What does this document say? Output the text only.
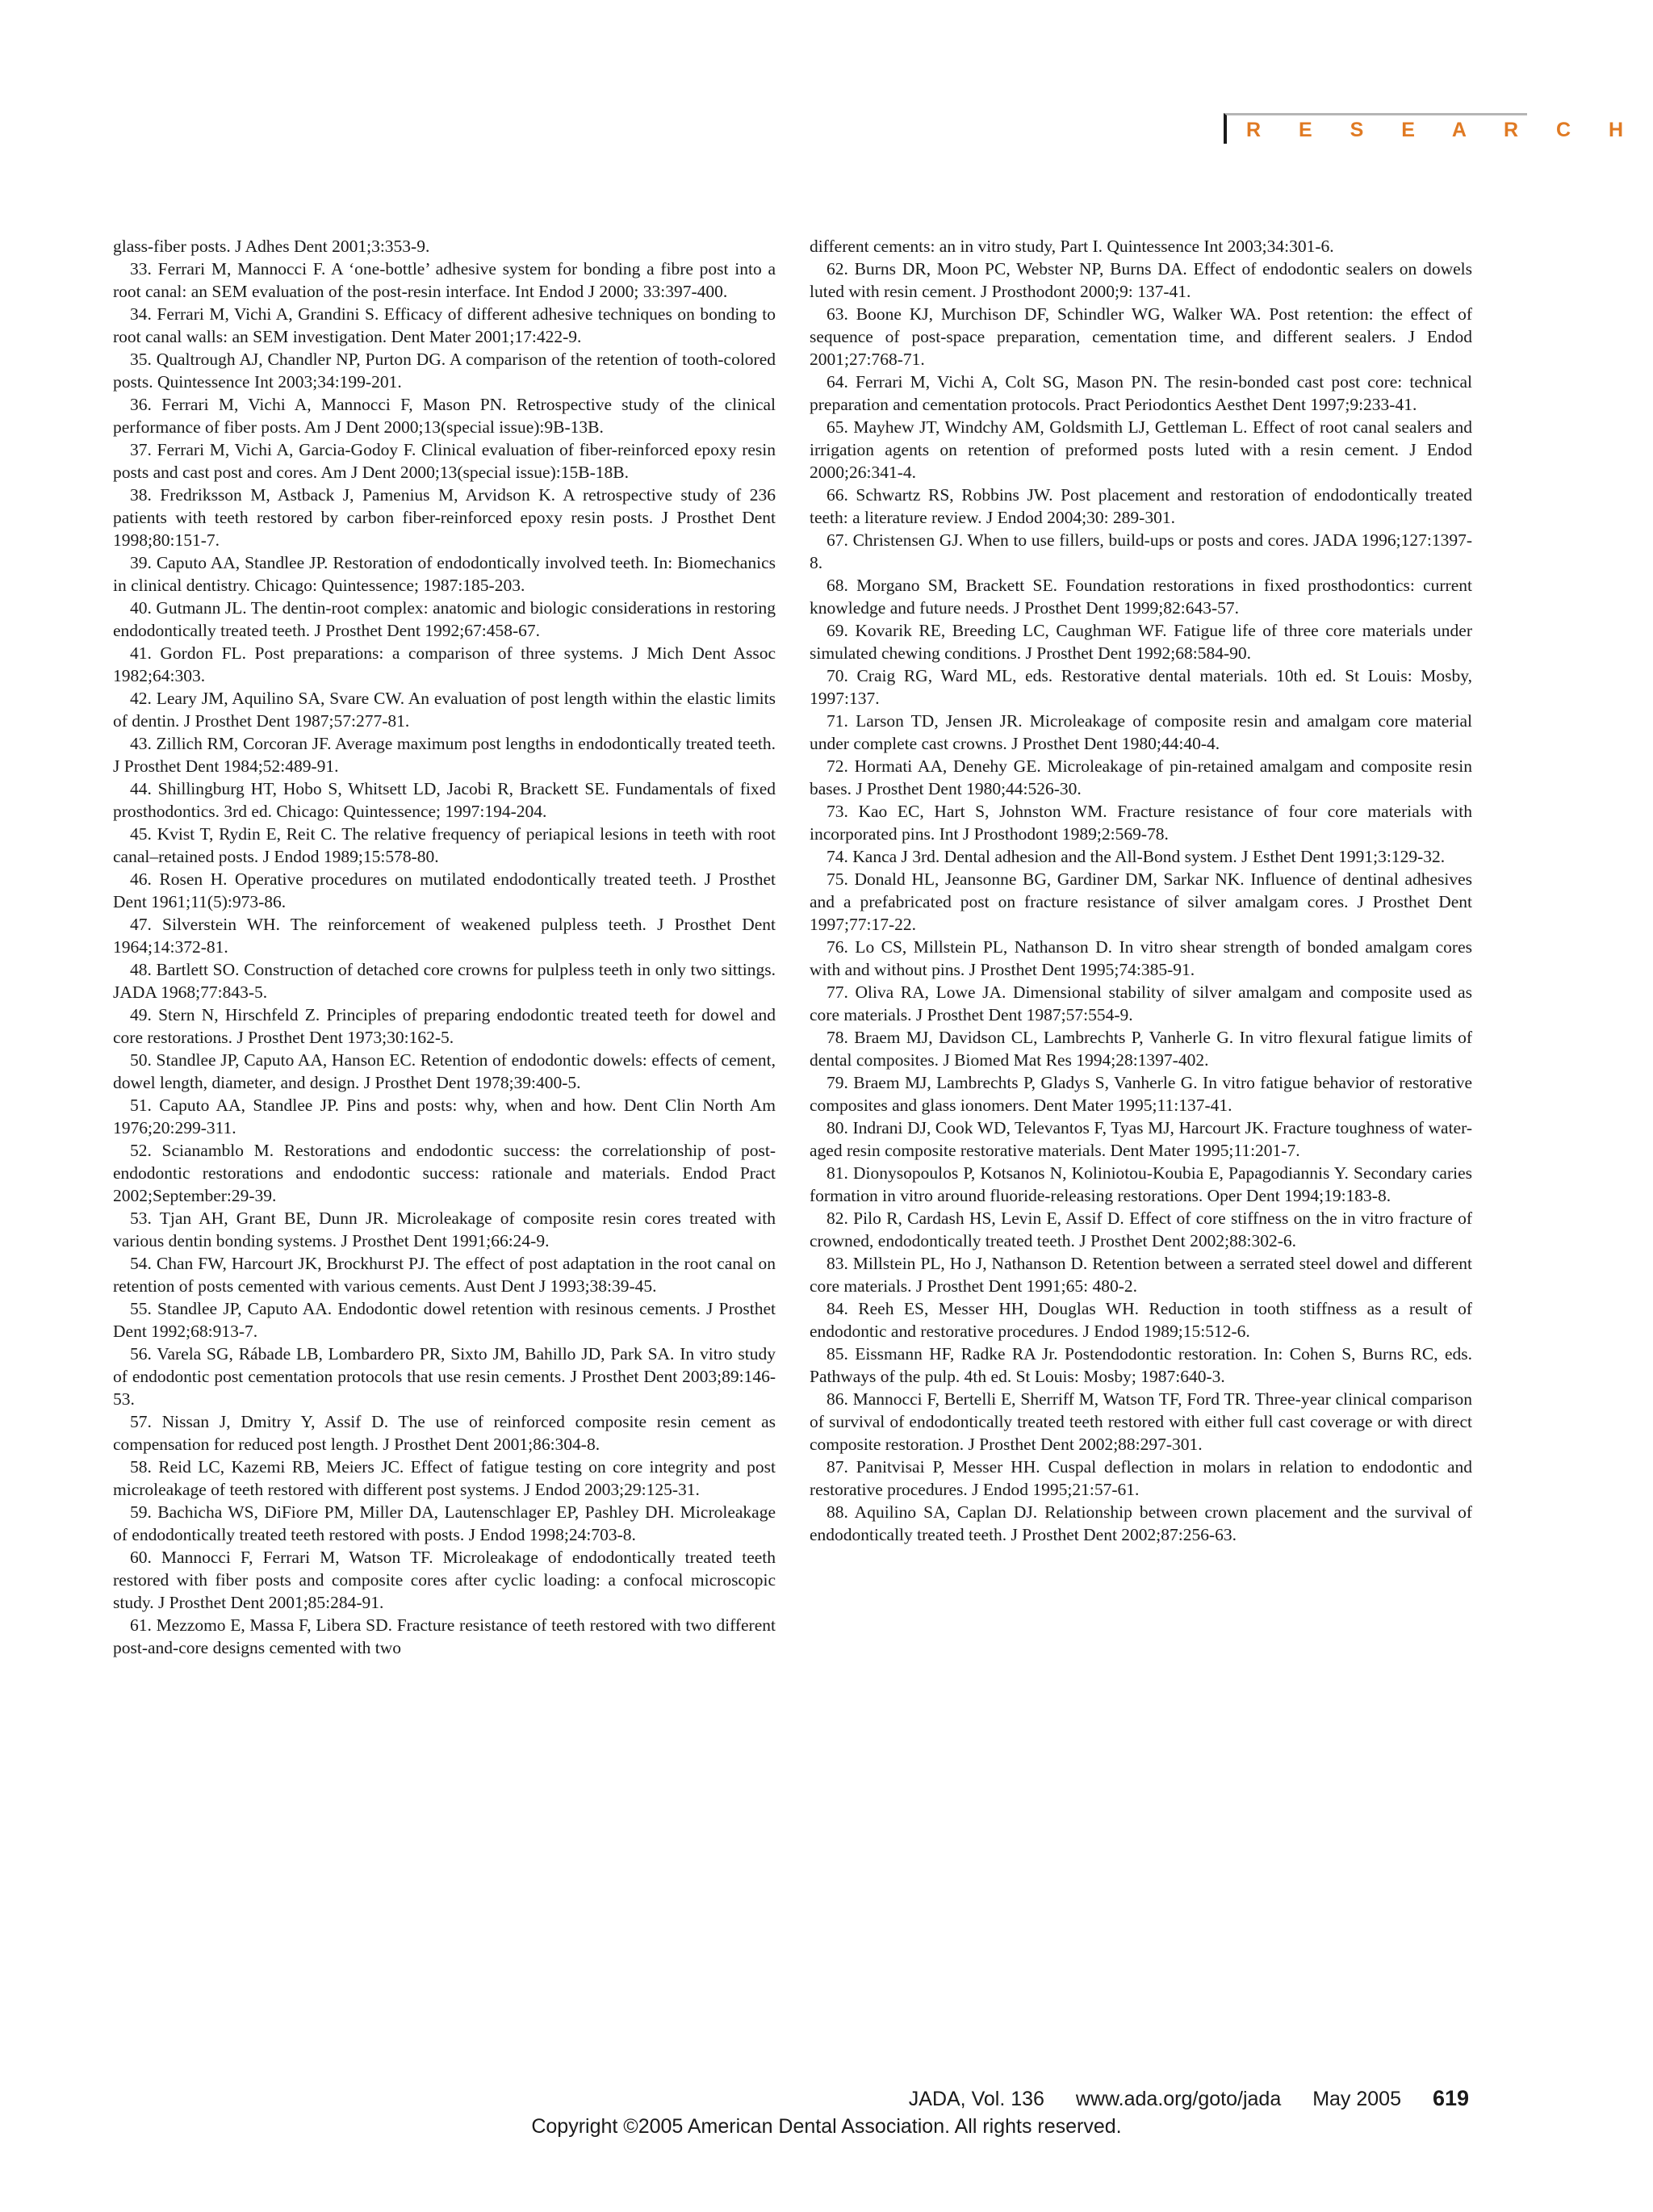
R E S E A R C H

glass-fiber posts. J Adhes Dent 2001;3:353-9.

33. Ferrari M, Mannocci F. A ‘one-bottle’ adhesive system for bonding a fibre post into a root canal: an SEM evaluation of the post-resin interface. Int Endod J 2000; 33:397-400.

34. Ferrari M, Vichi A, Grandini S. Efficacy of different adhesive techniques on bonding to root canal walls: an SEM investigation. Dent Mater 2001;17:422-9.

35. Qualtrough AJ, Chandler NP, Purton DG. A comparison of the retention of tooth-colored posts. Quintessence Int 2003;34:199-201.

36. Ferrari M, Vichi A, Mannocci F, Mason PN. Retrospective study of the clinical performance of fiber posts. Am J Dent 2000;13(special issue):9B-13B.

37. Ferrari M, Vichi A, Garcia-Godoy F. Clinical evaluation of fiber-reinforced epoxy resin posts and cast post and cores. Am J Dent 2000;13(special issue):15B-18B.

38. Fredriksson M, Astback J, Pamenius M, Arvidson K. A retrospective study of 236 patients with teeth restored by carbon fiber-reinforced epoxy resin posts. J Prosthet Dent 1998;80:151-7.

39. Caputo AA, Standlee JP. Restoration of endodontically involved teeth. In: Biomechanics in clinical dentistry. Chicago: Quintessence; 1987:185-203.

40. Gutmann JL. The dentin-root complex: anatomic and biologic considerations in restoring endodontically treated teeth. J Prosthet Dent 1992;67:458-67.

41. Gordon FL. Post preparations: a comparison of three systems. J Mich Dent Assoc 1982;64:303.

42. Leary JM, Aquilino SA, Svare CW. An evaluation of post length within the elastic limits of dentin. J Prosthet Dent 1987;57:277-81.

43. Zillich RM, Corcoran JF. Average maximum post lengths in endodontically treated teeth. J Prosthet Dent 1984;52:489-91.

44. Shillingburg HT, Hobo S, Whitsett LD, Jacobi R, Brackett SE. Fundamentals of fixed prosthodontics. 3rd ed. Chicago: Quintessence; 1997:194-204.

45. Kvist T, Rydin E, Reit C. The relative frequency of periapical lesions in teeth with root canal–retained posts. J Endod 1989;15:578-80.

46. Rosen H. Operative procedures on mutilated endodontically treated teeth. J Prosthet Dent 1961;11(5):973-86.

47. Silverstein WH. The reinforcement of weakened pulpless teeth. J Prosthet Dent 1964;14:372-81.

48. Bartlett SO. Construction of detached core crowns for pulpless teeth in only two sittings. JADA 1968;77:843-5.

49. Stern N, Hirschfeld Z. Principles of preparing endodontic treated teeth for dowel and core restorations. J Prosthet Dent 1973;30:162-5.

50. Standlee JP, Caputo AA, Hanson EC. Retention of endodontic dowels: effects of cement, dowel length, diameter, and design. J Prosthet Dent 1978;39:400-5.

51. Caputo AA, Standlee JP. Pins and posts: why, when and how. Dent Clin North Am 1976;20:299-311.

52. Scianamblo M. Restorations and endodontic success: the correlationship of post-endodontic restorations and endodontic success: rationale and materials. Endod Pract 2002;September:29-39.

53. Tjan AH, Grant BE, Dunn JR. Microleakage of composite resin cores treated with various dentin bonding systems. J Prosthet Dent 1991;66:24-9.

54. Chan FW, Harcourt JK, Brockhurst PJ. The effect of post adaptation in the root canal on retention of posts cemented with various cements. Aust Dent J 1993;38:39-45.

55. Standlee JP, Caputo AA. Endodontic dowel retention with resinous cements. J Prosthet Dent 1992;68:913-7.

56. Varela SG, Rábade LB, Lombardero PR, Sixto JM, Bahillo JD, Park SA. In vitro study of endodontic post cementation protocols that use resin cements. J Prosthet Dent 2003;89:146-53.

57. Nissan J, Dmitry Y, Assif D. The use of reinforced composite resin cement as compensation for reduced post length. J Prosthet Dent 2001;86:304-8.

58. Reid LC, Kazemi RB, Meiers JC. Effect of fatigue testing on core integrity and post microleakage of teeth restored with different post systems. J Endod 2003;29:125-31.

59. Bachicha WS, DiFiore PM, Miller DA, Lautenschlager EP, Pashley DH. Microleakage of endodontically treated teeth restored with posts. J Endod 1998;24:703-8.

60. Mannocci F, Ferrari M, Watson TF. Microleakage of endodontically treated teeth restored with fiber posts and composite cores after cyclic loading: a confocal microscopic study. J Prosthet Dent 2001;85:284-91.

61. Mezzomo E, Massa F, Libera SD. Fracture resistance of teeth restored with two different post-and-core designs cemented with two

different cements: an in vitro study, Part I. Quintessence Int 2003;34:301-6.

62. Burns DR, Moon PC, Webster NP, Burns DA. Effect of endodontic sealers on dowels luted with resin cement. J Prosthodont 2000;9: 137-41.

63. Boone KJ, Murchison DF, Schindler WG, Walker WA. Post retention: the effect of sequence of post-space preparation, cementation time, and different sealers. J Endod 2001;27:768-71.

64. Ferrari M, Vichi A, Colt SG, Mason PN. The resin-bonded cast post core: technical preparation and cementation protocols. Pract Periodontics Aesthet Dent 1997;9:233-41.

65. Mayhew JT, Windchy AM, Goldsmith LJ, Gettleman L. Effect of root canal sealers and irrigation agents on retention of preformed posts luted with a resin cement. J Endod 2000;26:341-4.

66. Schwartz RS, Robbins JW. Post placement and restoration of endodontically treated teeth: a literature review. J Endod 2004;30: 289-301.

67. Christensen GJ. When to use fillers, build-ups or posts and cores. JADA 1996;127:1397-8.

68. Morgano SM, Brackett SE. Foundation restorations in fixed prosthodontics: current knowledge and future needs. J Prosthet Dent 1999;82:643-57.

69. Kovarik RE, Breeding LC, Caughman WF. Fatigue life of three core materials under simulated chewing conditions. J Prosthet Dent 1992;68:584-90.

70. Craig RG, Ward ML, eds. Restorative dental materials. 10th ed. St Louis: Mosby, 1997:137.

71. Larson TD, Jensen JR. Microleakage of composite resin and amalgam core material under complete cast crowns. J Prosthet Dent 1980;44:40-4.

72. Hormati AA, Denehy GE. Microleakage of pin-retained amalgam and composite resin bases. J Prosthet Dent 1980;44:526-30.

73. Kao EC, Hart S, Johnston WM. Fracture resistance of four core materials with incorporated pins. Int J Prosthodont 1989;2:569-78.

74. Kanca J 3rd. Dental adhesion and the All-Bond system. J Esthet Dent 1991;3:129-32.

75. Donald HL, Jeansonne BG, Gardiner DM, Sarkar NK. Influence of dentinal adhesives and a prefabricated post on fracture resistance of silver amalgam cores. J Prosthet Dent 1997;77:17-22.

76. Lo CS, Millstein PL, Nathanson D. In vitro shear strength of bonded amalgam cores with and without pins. J Prosthet Dent 1995;74:385-91.

77. Oliva RA, Lowe JA. Dimensional stability of silver amalgam and composite used as core materials. J Prosthet Dent 1987;57:554-9.

78. Braem MJ, Davidson CL, Lambrechts P, Vanherle G. In vitro flexural fatigue limits of dental composites. J Biomed Mat Res 1994;28:1397-402.

79. Braem MJ, Lambrechts P, Gladys S, Vanherle G. In vitro fatigue behavior of restorative composites and glass ionomers. Dent Mater 1995;11:137-41.

80. Indrani DJ, Cook WD, Televantos F, Tyas MJ, Harcourt JK. Fracture toughness of water-aged resin composite restorative materials. Dent Mater 1995;11:201-7.

81. Dionysopoulos P, Kotsanos N, Koliniotou-Koubia E, Papagodiannis Y. Secondary caries formation in vitro around fluoride-releasing restorations. Oper Dent 1994;19:183-8.

82. Pilo R, Cardash HS, Levin E, Assif D. Effect of core stiffness on the in vitro fracture of crowned, endodontically treated teeth. J Prosthet Dent 2002;88:302-6.

83. Millstein PL, Ho J, Nathanson D. Retention between a serrated steel dowel and different core materials. J Prosthet Dent 1991;65: 480-2.

84. Reeh ES, Messer HH, Douglas WH. Reduction in tooth stiffness as a result of endodontic and restorative procedures. J Endod 1989;15:512-6.

85. Eissmann HF, Radke RA Jr. Postendodontic restoration. In: Cohen S, Burns RC, eds. Pathways of the pulp. 4th ed. St Louis: Mosby; 1987:640-3.

86. Mannocci F, Bertelli E, Sherriff M, Watson TF, Ford TR. Three-year clinical comparison of survival of endodontically treated teeth restored with either full cast coverage or with direct composite restoration. J Prosthet Dent 2002;88:297-301.

87. Panitvisai P, Messer HH. Cuspal deflection in molars in relation to endodontic and restorative procedures. J Endod 1995;21:57-61.

88. Aquilino SA, Caplan DJ. Relationship between crown placement and the survival of endodontically treated teeth. J Prosthet Dent 2002;87:256-63.

JADA, Vol. 136 www.ada.org/goto/jada May 2005 619
Copyright ©2005 American Dental Association. All rights reserved.
